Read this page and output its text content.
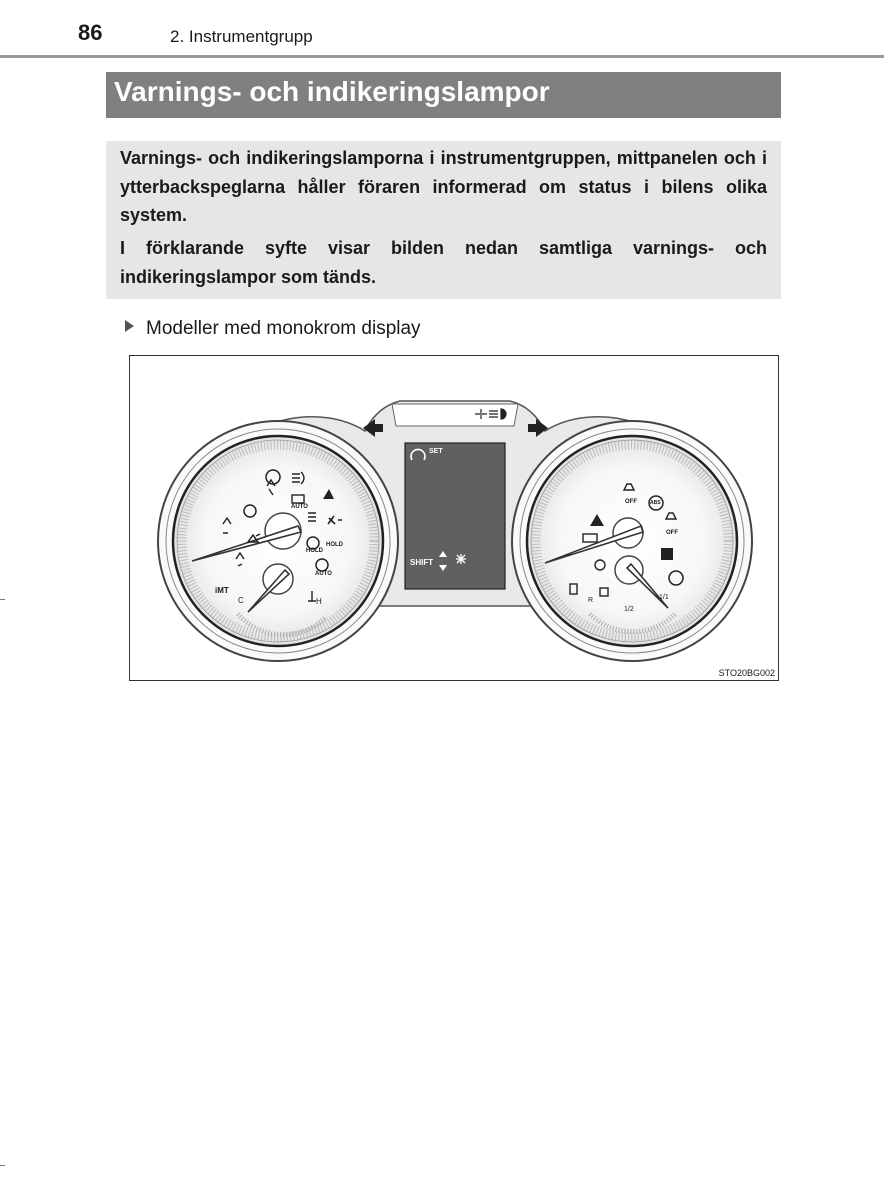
86	2. Instrumentgrupp
Varnings- och indikeringslampor

Varnings- och indikeringslamporna i instrumentgruppen, mittpanelen och i ytterbackspeglarna håller föraren informerad om status i bilens olika system.

I förklarande syfte visar bilden nedan samtliga varnings- och indikeringslampor som tänds.

Modeller med monokrom display
SET
SHIFT
AUTO
AUTO
HOLD
HOLD
OFF
OFF
ABS
iMT
C	H	R
1/2
1/1
STO20BG002
